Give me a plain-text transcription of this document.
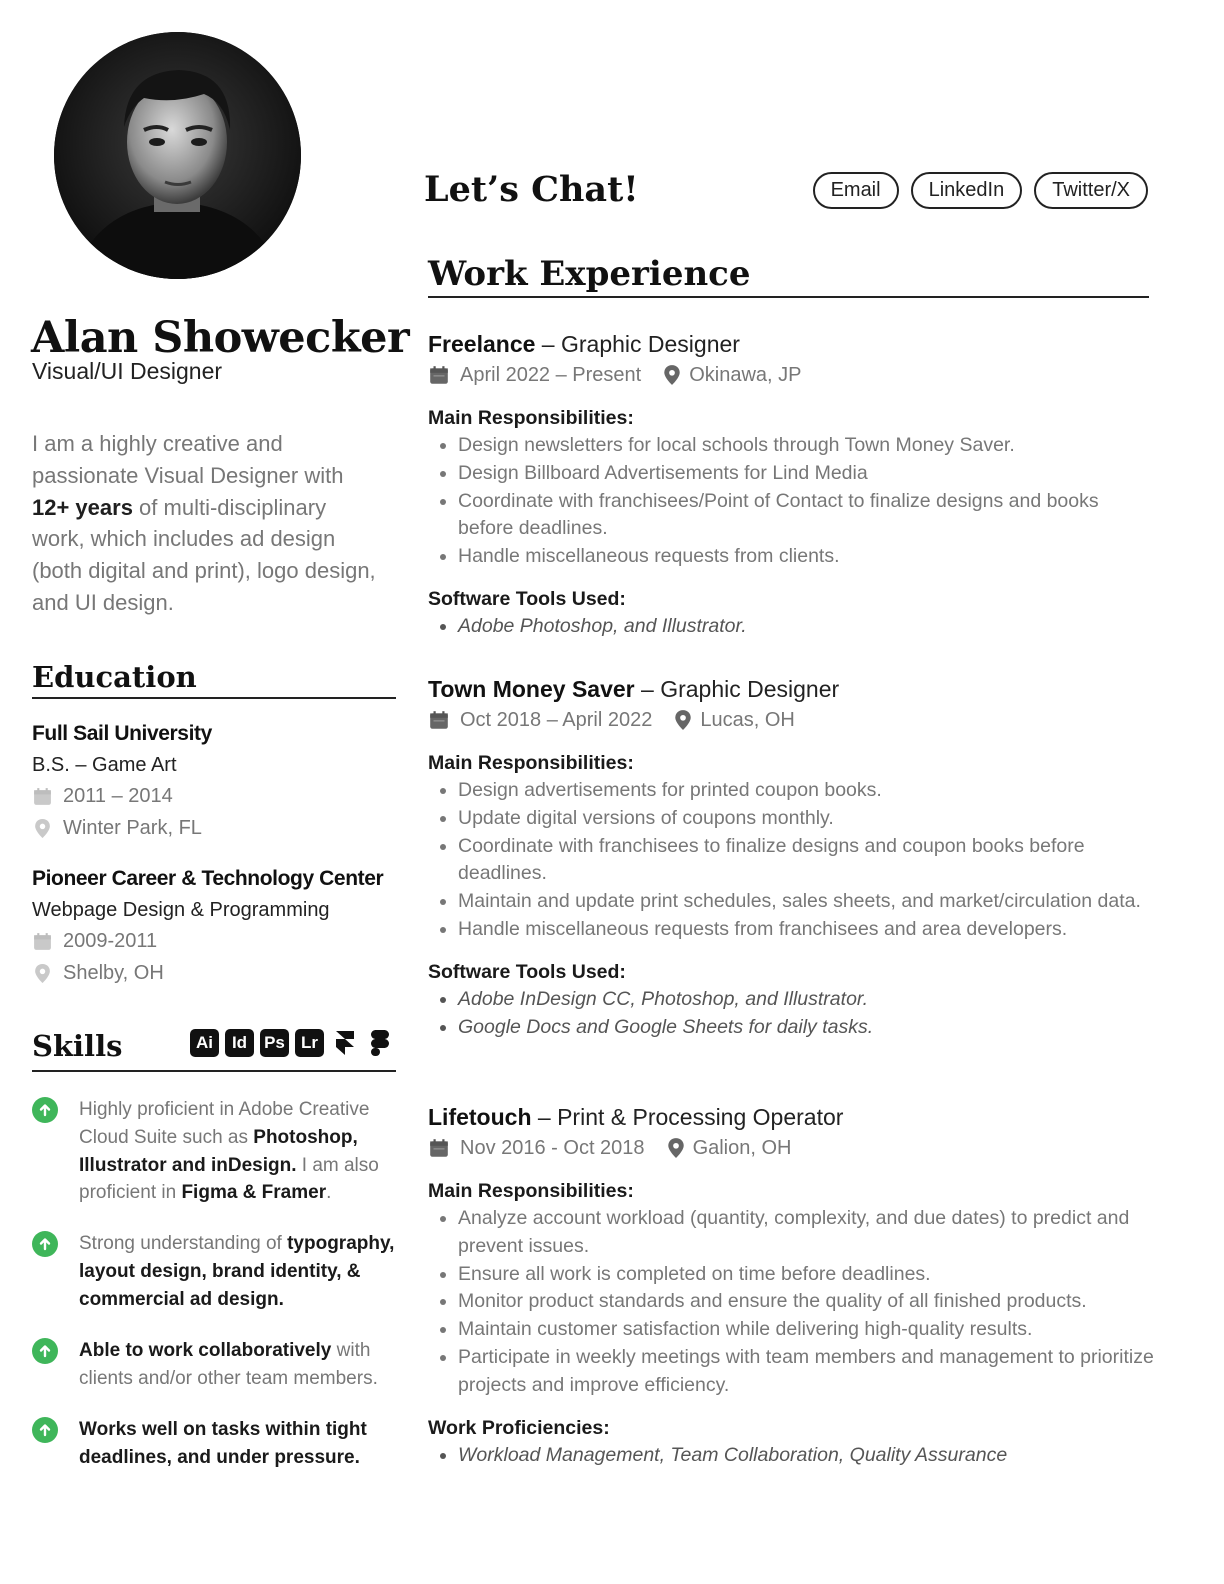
Alan Showecker
Visual/UI Designer
I am a highly creative and passionate Visual Designer with 12+ years of multi-disciplinary work, which includes ad design (both digital and print), logo design, and UI design.
Education
Full Sail University
B.S. – Game Art
2011 – 2014
Winter Park, FL
Pioneer Career & Technology Center
Webpage Design & Programming
2009-2011
Shelby, OH
Skills	Ai	Id	Ps Lr
Highly proficient in Adobe Creative Cloud Suite such as Photoshop, Illustrator and inDesign. I am also proficient in Figma & Framer.
Strong understanding of typography, layout design, brand identity, & commercial ad design.
Able to work collaboratively with clients and/or other team members.
Works well on tasks within tight deadlines, and under pressure.
Let’s Chat!	Email	LinkedIn	Twitter/X
Work Experience
Freelance – Graphic Designer
April 2022 – Present Okinawa, JP
Main Responsibilities:
• Design newsletters for local schools through Town Money Saver.
• Design Billboard Advertisements for Lind Media
• Coordinate with franchisees/Point of Contact to finalize designs and books before deadlines.
• Handle miscellaneous requests from clients.
Software Tools Used:
• Adobe Photoshop, and Illustrator.
Town Money Saver – Graphic Designer
Oct 2018 – April 2022 Lucas, OH
Main Responsibilities:
• Design advertisements for printed coupon books.
• Update digital versions of coupons monthly.
• Coordinate with franchisees to finalize designs and coupon books before deadlines.
• Maintain and update print schedules, sales sheets, and market/circulation data.
• Handle miscellaneous requests from franchisees and area developers.
Software Tools Used:
• Adobe InDesign CC, Photoshop, and Illustrator.
• Google Docs and Google Sheets for daily tasks.
Lifetouch – Print & Processing Operator
Nov 2016 - Oct 2018 Galion, OH
Main Responsibilities:
• Analyze account workload (quantity, complexity, and due dates) to predict and prevent issues.
• Ensure all work is completed on time before deadlines.
• Monitor product standards and ensure the quality of all finished products.
• Maintain customer satisfaction while delivering high-quality results.
• Participate in weekly meetings with team members and management to prioritize projects and improve efficiency.
Work Proficiencies:
• Workload Management, Team Collaboration, Quality Assurance
